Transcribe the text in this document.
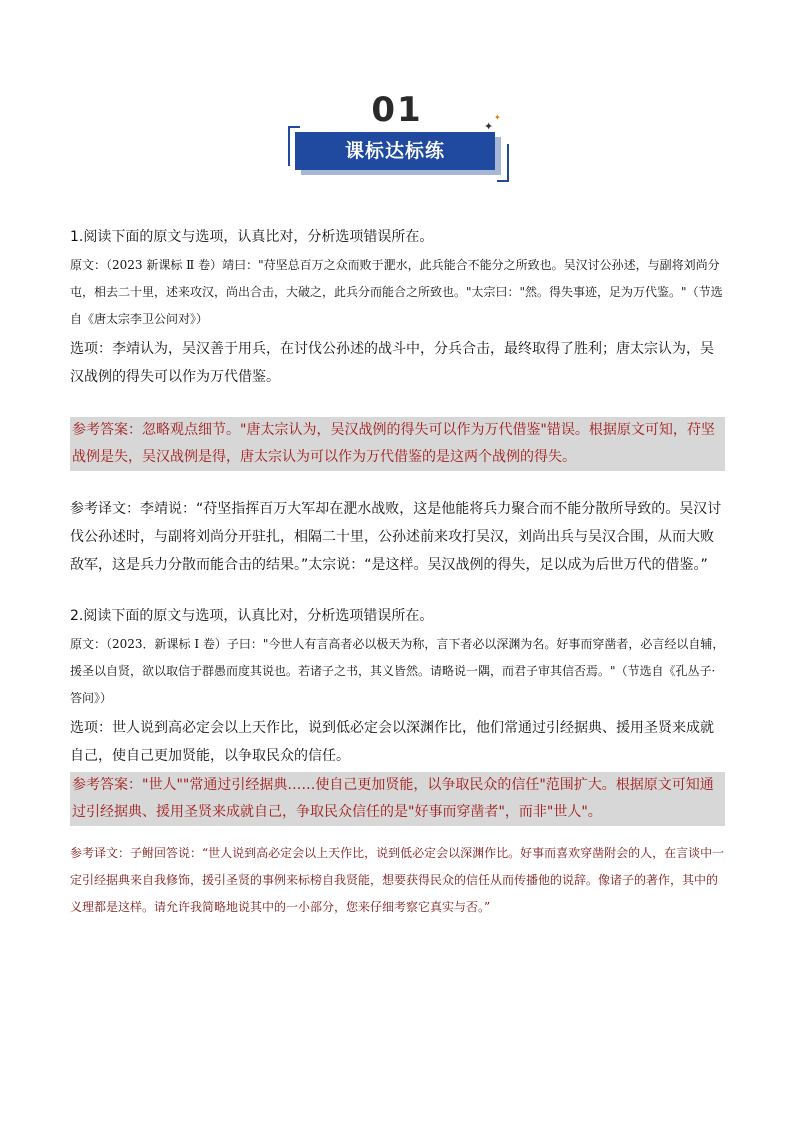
01
课标达标练
✦
✦
1.阅读下面的原文与选项，认真比对，分析选项错误所在。
原文：（2023 新课标 Ⅱ 卷）靖曰："苻坚总百万之众而败于淝水，此兵能合不能分之所致也。吴汉讨公孙述，与副将刘尚分屯，相去二十里，述来攻汉，尚出合击，大破之，此兵分而能合之所致也。"太宗曰："然。得失事迹，足为万代鉴。"（节选自《唐太宗李卫公问对》）
选项：李靖认为，吴汉善于用兵，在讨伐公孙述的战斗中，分兵合击，最终取得了胜利；唐太宗认为，吴汉战例的得失可以作为万代借鉴。
参考答案：忽略观点细节。"唐太宗认为，吴汉战例的得失可以作为万代借鉴"错误。根据原文可知，苻坚战例是失，吴汉战例是得，唐太宗认为可以作为万代借鉴的是这两个战例的得失。
参考译文：李靖说：“苻坚指挥百万大军却在淝水战败，这是他能将兵力聚合而不能分散所导致的。吴汉讨伐公孙述时，与副将刘尚分开驻扎，相隔二十里，公孙述前来攻打吴汉，刘尚出兵与吴汉合围，从而大败敌军，这是兵力分散而能合击的结果。”太宗说：“是这样。吴汉战例的得失，足以成为后世万代的借鉴。”
2.阅读下面的原文与选项，认真比对，分析选项错误所在。
原文：（2023．新课标 Ⅰ 卷）子曰："今世人有言高者必以极天为称，言下者必以深渊为名。好事而穿凿者，必言经以自辅，援圣以自贤，欲以取信于群愚而度其说也。若诸子之书，其义皆然。请略说一隅，而君子审其信否焉。"（节选自《孔丛子·答问》）
选项：世人说到高必定会以上天作比，说到低必定会以深渊作比，他们常通过引经据典、援用圣贤来成就自己，使自己更加贤能，以争取民众的信任。
参考答案："世人""常通过引经据典……使自己更加贤能，以争取民众的信任"范围扩大。根据原文可知通过引经据典、援用圣贤来成就自己，争取民众信任的是"好事而穿凿者"，而非"世人"。
参考译文：子鲋回答说：“世人说到高必定会以上天作比，说到低必定会以深渊作比。好事而喜欢穿凿附会的人，在言谈中一定引经据典来自我修饰，援引圣贤的事例来标榜自我贤能，想要获得民众的信任从而传播他的说辞。像诸子的著作，其中的义理都是这样。请允许我简略地说其中的一小部分，您来仔细考察它真实与否。”
